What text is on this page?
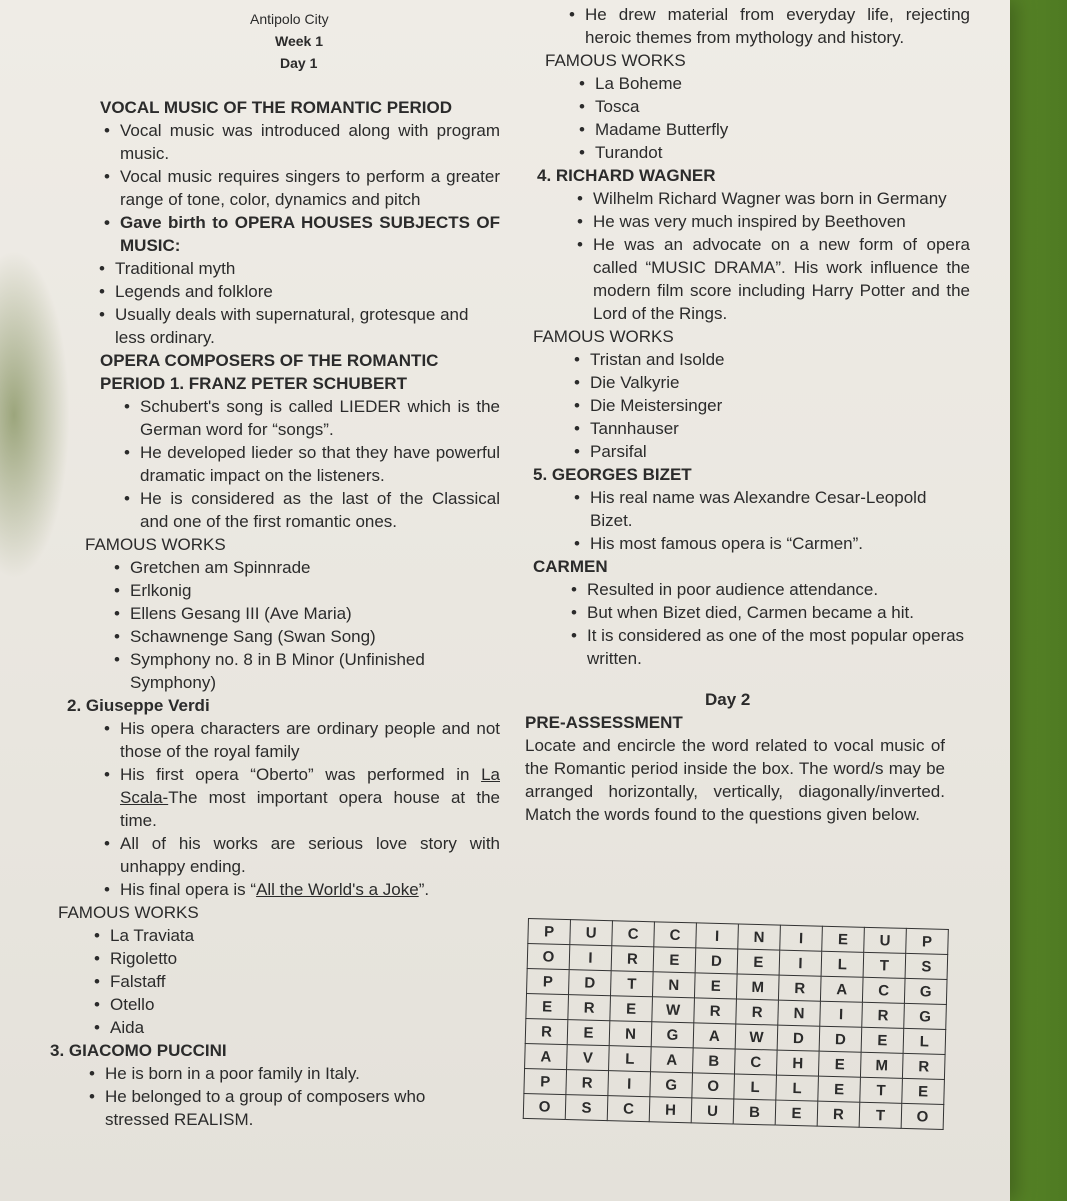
Antipolo City
Week 1
Day 1
VOCAL MUSIC OF THE ROMANTIC PERIOD
• Vocal music was introduced along with program music.
• Vocal music requires singers to perform a greater range of tone, color, dynamics and pitch
• Gave birth to OPERA HOUSES SUBJECTS OF MUSIC:
• Traditional myth
• Legends and folklore
• Usually deals with supernatural, grotesque and less ordinary.
OPERA COMPOSERS OF THE ROMANTIC PERIOD 1. FRANZ PETER SCHUBERT
• Schubert's song is called LIEDER which is the German word for “songs”.
• He developed lieder so that they have powerful dramatic impact on the listeners.
• He is considered as the last of the Classical and one of the first romantic ones.
FAMOUS WORKS
• Gretchen am Spinnrade
• Erlkonig
• Ellens Gesang III (Ave Maria)
• Schawnenge Sang (Swan Song)
• Symphony no. 8 in B Minor (Unfinished Symphony)
2. Giuseppe Verdi
• His opera characters are ordinary people and not those of the royal family
• His first opera “Oberto” was performed in La Scala-The most important opera house at the time.
• All of his works are serious love story with unhappy ending.
• His final opera is “All the World's a Joke”.
FAMOUS WORKS
• La Traviata
• Rigoletto
• Falstaff
• Otello
• Aida
3. GIACOMO PUCCINI
• He is born in a poor family in Italy.
• He belonged to a group of composers who stressed REALISM.
• He drew material from everyday life, rejecting heroic themes from mythology and history.
FAMOUS WORKS
• La Boheme
• Tosca
• Madame Butterfly
• Turandot
4. RICHARD WAGNER
• Wilhelm Richard Wagner was born in Germany
• He was very much inspired by Beethoven
• He was an advocate on a new form of opera called “MUSIC DRAMA”. His work influence the modern film score including Harry Potter and the Lord of the Rings.
FAMOUS WORKS
• Tristan and Isolde
• Die Valkyrie
• Die Meistersinger
• Tannhauser
• Parsifal
5. GEORGES BIZET
• His real name was Alexandre Cesar-Leopold Bizet.
• His most famous opera is “Carmen”.
CARMEN
• Resulted in poor audience attendance.
• But when Bizet died, Carmen became a hit.
• It is considered as one of the most popular operas written.
Day 2
PRE-ASSESSMENT
Locate and encircle the word related to vocal music of the Romantic period inside the box. The word/s may be arranged horizontally, vertically, diagonally/inverted. Match the words found to the questions given below.
P	U	C	C	I	N	I	E	U	P
O	I	R	E	D	E	I	L	T	S
P	D	T	N	E	M	R	A	C	G
E	R	E	W	R	R	N	I	R	G
R	E	N	G	A	W	D	D	E	L
A	V	L	A	B	C	H	E	M	R
P	R	I	G	O	L	L	E	T	E
O	S	C	H	U	B	E	R	T	O
